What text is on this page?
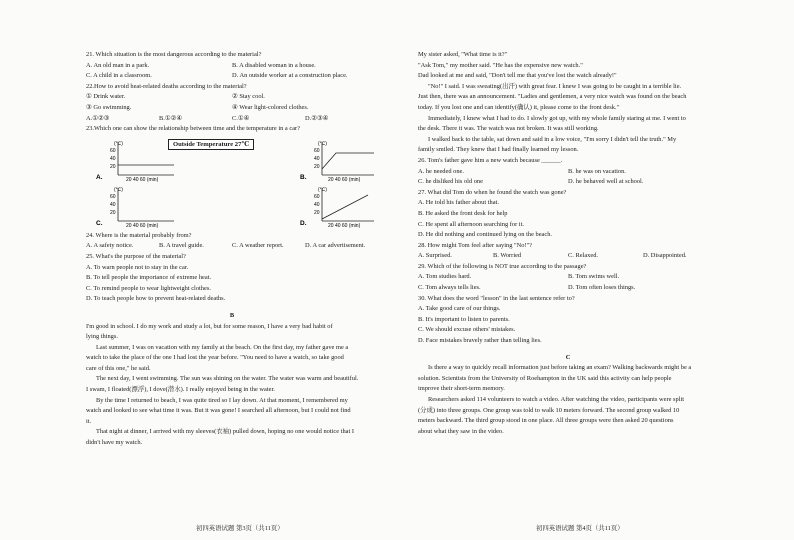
21. Which situation is the most dangerous according to the material?
A. An old man in a park.	B. A disabled woman in a house.
C. A child in a classroom.	D. An outside worker at a construction place.
22.How to avoid heat-related deaths according to the material?
① Drink water.	② Stay cool.
③ Go swimming.	④ Wear light-colored clothes.
A.①②③	B.①②④	C.①④	D.②③④
23.Which one can show the relationship between time and the temperature in a car?
(℃)
60
40
20
20 40 60 (min)
A.
(℃)
60
40
20
20 40 60 (min)
B.
(℃)
60
40
20
20 40 60 (min)
C.
(℃)
60
40
20
20 40 60 (min)
D.
Outside Temperature 27℃
24. Where is the material probably from?
A. A safety notice.	B. A travel guide.	C. A weather report.	D. A car advertisement.
25. What's the purpose of the material?
A. To warn people not to stay in the car.
B. To tell people the importance of extreme heat.
C. To remind people to wear lightweight clothes.
D. To teach people how to prevent heat-related deaths.
B
I'm good in school. I do my work and study a lot, but for some reason, I have a very bad habit of
lying things.
Last summer, I was on vacation with my family at the beach. On the first day, my father gave me a
watch to take the place of the one I had lost the year before. "You need to have a watch, so take good
care of this one," he said.
The next day, I went swimming. The sun was shining on the water. The water was warm and beautiful.
I swam, I floated(漂浮), I dove(潜水). I really enjoyed being in the water.
By the time I returned to beach, I was quite tired so I lay down. At that moment, I remembered my
watch and looked to see what time it was. But it was gone! I searched all afternoon, but I could not find
it.
That night at dinner, I arrived with my sleeves(衣袖) pulled down, hoping no one would notice that I
didn't have my watch.
初四英语试题 第3页（共11页）
My sister asked, "What time is it?"
"Ask Tom," my mother said. "He has the expensive new watch."
Dad looked at me and said, "Don't tell me that you've lost the watch already!"
"No!" I said. I was sweating(出汗) with great fear. I knew I was going to be caught in a terrible lie.
Just then, there was an announcement. "Ladies and gentlemen, a very nice watch was found on the beach
today. If you lost one and can identify(确认) it, please come to the front desk."
Immediately, I knew what I had to do. I slowly got up, with my whole family staring at me. I went to
the desk. There it was. The watch was not broken. It was still working.
I walked back to the table, sat down and said in a low voice, "I'm sorry I didn't tell the truth." My
family smiled. They knew that I had finally learned my lesson.
26. Tom's father gave him a new watch because ______.
A. he needed one.	B. he was on vacation.
C. he disliked his old one	D. he behaved well at school.
27. What did Tom do when he found the watch was gone?
A. He told his father about that.
B. He asked the front desk for help
C. He spent all afternoon searching for it.
D. He did nothing and continued lying on the beach.
28. How might Tom feel after saying "No!"?
A. Surprised.	B. Worried	C. Relaxed.	D. Disappointed.
29. Which of the following is NOT true according to the passage?
A. Tom studies hard.	B. Tom swims well.
C. Tom always tells lies.	D. Tom often loses things.
30. What does the word "lesson" in the last sentence refer to?
A. Take good care of our things.
B. It's important to listen to parents.
C. We should excuse others' mistakes.
D. Face mistakes bravely rather than telling lies.
C
Is there a way to quickly recall information just before taking an exam? Walking backwards might be a
solution. Scientists from the University of Roehampton in the UK said this activity can help people
improve their short-term memory.
Researchers asked 114 volunteers to watch a video. After watching the video, participants were split
(分成) into three groups. One group was told to walk 10 meters forward. The second group walked 10
meters backward. The third group stood in one place. All three groups were then asked 20 questions
about what they saw in the video.
初四英语试题 第4页（共11页）
